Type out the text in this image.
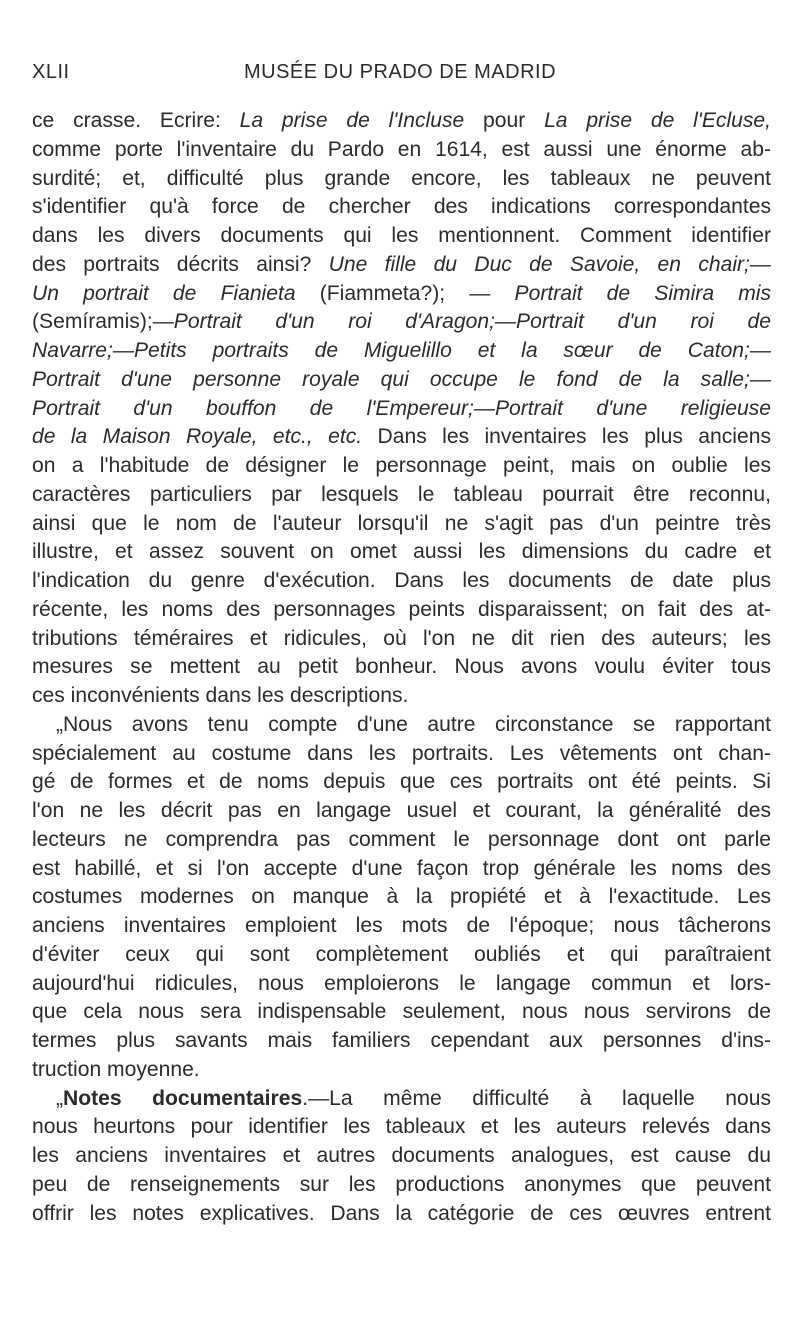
XLII	MUSÉE DU PRADO DE MADRID
ce crasse. Ecrire: La prise de l'Incluse pour La prise de l'Ecluse,
comme porte l'inventaire du Pardo en 1614, est aussi une énorme ab-
surdité; et, difficulté plus grande encore, les tableaux ne peuvent
s'identifier qu'à force de chercher des indications correspondantes
dans les divers documents qui les mentionnent. Comment identifier
des portraits décrits ainsi? Une fille du Duc de Savoie, en chair;—
Un portrait de Fianieta (Fiammeta?); — Portrait de Simira mis
(Semíramis);—Portrait d'un roi d'Aragon;—Portrait d'un roi de
Navarre;—Petits portraits de Miguelillo et la sœur de Caton;—
Portrait d'une personne royale qui occupe le fond de la salle;—
Portrait d'un bouffon de l'Empereur;—Portrait d'une religieuse
de la Maison Royale, etc., etc. Dans les inventaires les plus anciens
on a l'habitude de désigner le personnage peint, mais on oublie les
caractères particuliers par lesquels le tableau pourrait être reconnu,
ainsi que le nom de l'auteur lorsqu'il ne s'agit pas d'un peintre très
illustre, et assez souvent on omet aussi les dimensions du cadre et
l'indication du genre d'exécution. Dans les documents de date plus
récente, les noms des personnages peints disparaissent; on fait des at-
tributions téméraires et ridicules, où l'on ne dit rien des auteurs; les
mesures se mettent au petit bonheur. Nous avons voulu éviter tous
ces inconvénients dans les descriptions.
„Nous avons tenu compte d'une autre circonstance se rapportant
spécialement au costume dans les portraits. Les vêtements ont chan-
gé de formes et de noms depuis que ces portraits ont été peints. Si
l'on ne les décrit pas en langage usuel et courant, la généralité des
lecteurs ne comprendra pas comment le personnage dont ont parle
est habillé, et si l'on accepte d'une façon trop générale les noms des
costumes modernes on manque à la propiété et à l'exactitude. Les
anciens inventaires emploient les mots de l'époque; nous tâcherons
d'éviter ceux qui sont complètement oubliés et qui paraîtraient
aujourd'hui ridicules, nous emploierons le langage commun et lors-
que cela nous sera indispensable seulement, nous nous servirons de
termes plus savants mais familiers cependant aux personnes d'ins-
truction moyenne.
„Notes documentaires.—La même difficulté à laquelle nous
nous heurtons pour identifier les tableaux et les auteurs relevés dans
les anciens inventaires et autres documents analogues, est cause du
peu de renseignements sur les productions anonymes que peuvent
offrir les notes explicatives. Dans la catégorie de ces œuvres entrent
